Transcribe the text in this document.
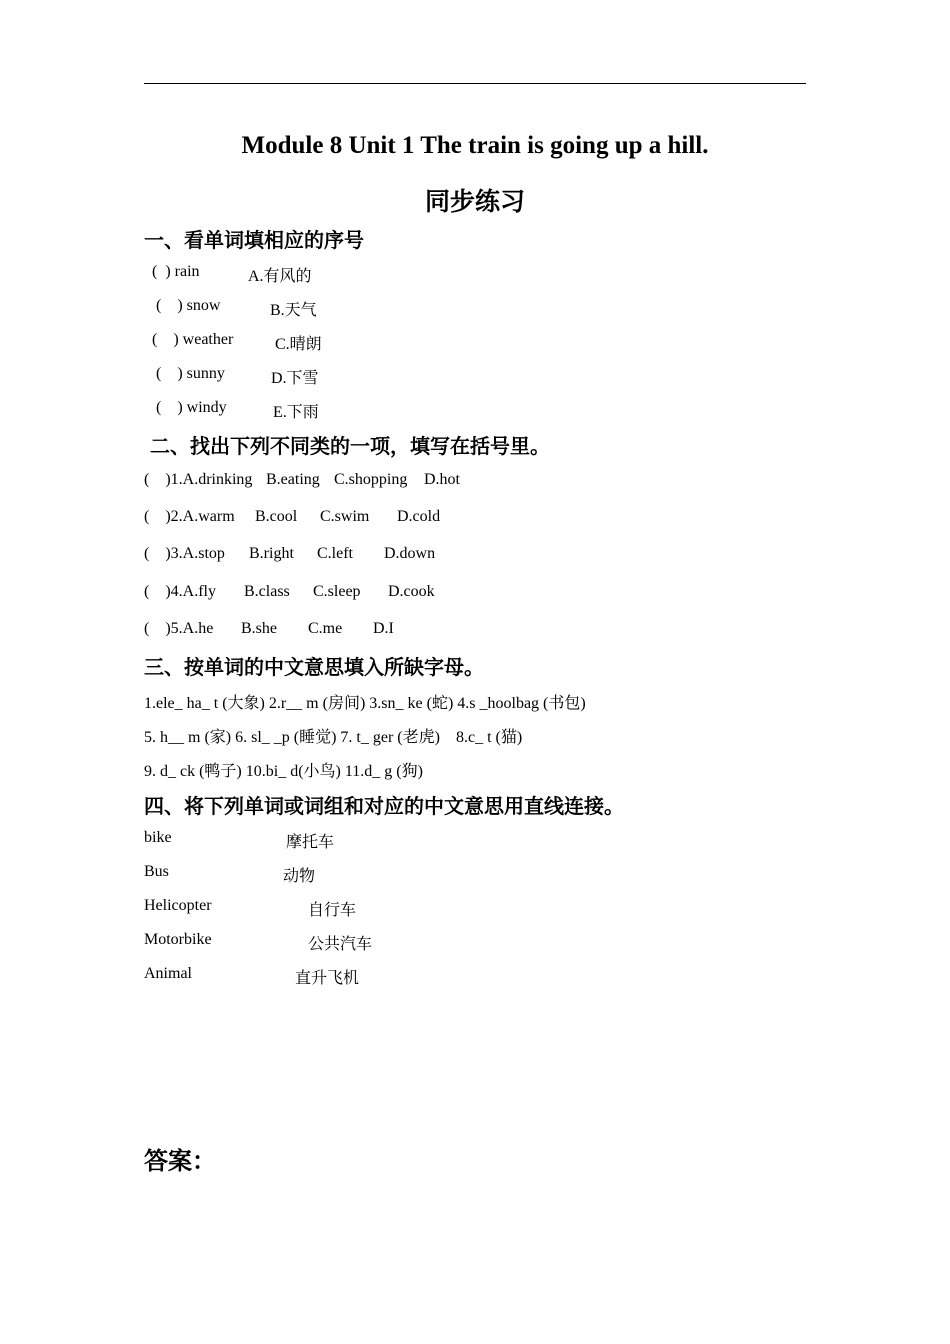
Module 8 Unit 1 The train is going up a hill.
同步练习
一、看单词填相应的序号
(  ) rain	A.有风的
(    ) snow	B.天气
(    ) weather	C.晴朗
(    ) sunny	D.下雪
(    ) windy	E.下雨
二、找出下列不同类的一项，填写在括号里。
(    )1.A.drinking B.eating C.shopping D.hot
(    )2.A.warm B.cool C.swim D.cold
(    )3.A.stop B.right C.left D.down
(    )4.A.fly B.class C.sleep D.cook
(    )5.A.he B.she C.me D.I
三、按单词的中文意思填入所缺字母。
1.ele_ ha_ t (大象) 2.r__ m (房间) 3.sn_ ke (蛇) 4.s _hoolbag (书包)
5. h__ m (家) 6. sl_ _p (睡觉) 7. t_ ger (老虎)    8.c_ t (猫)
9. d_ ck (鸭子) 10.bi_ d(小鸟) 11.d_ g (狗)
四、将下列单词或词组和对应的中文意思用直线连接。
bike	摩托车
Bus	动物
Helicopter	自行车
Motorbike	公共汽车
Animal	直升飞机
答案：
